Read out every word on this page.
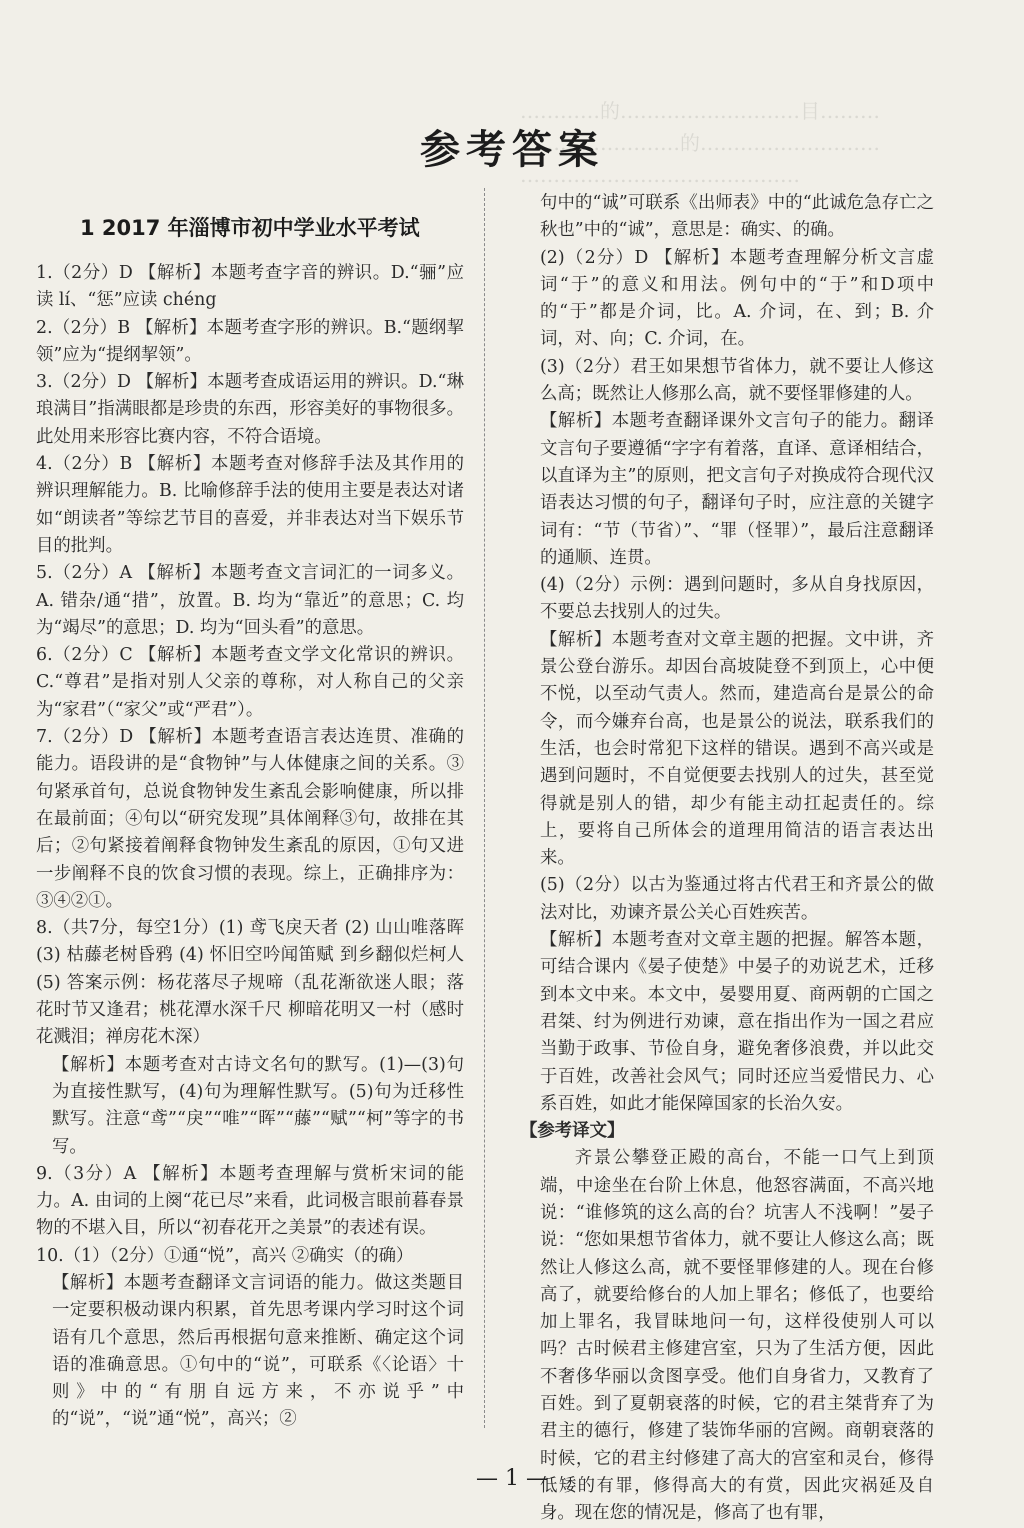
…………的………………………目………
……………………的………………………
……………………………………
参考答案
1 2017 年淄博市初中学业水平考试
1.（2分）D 【解析】本题考查字音的辨识。D.“骊”应读 lí、“惩”应读 chéng
2.（2分）B 【解析】本题考查字形的辨识。B.“题纲挈领”应为“提纲挈领”。
3.（2分）D 【解析】本题考查成语运用的辨识。D.“琳琅满目”指满眼都是珍贵的东西，形容美好的事物很多。此处用来形容比赛内容，不符合语境。
4.（2分）B 【解析】本题考查对修辞手法及其作用的辨识理解能力。B. 比喻修辞手法的使用主要是表达对诸如“朗读者”等综艺节目的喜爱，并非表达对当下娱乐节目的批判。
5.（2分）A 【解析】本题考查文言词汇的一词多义。A. 错杂/通“措”，放置。B. 均为“靠近”的意思；C. 均为“竭尽”的意思；D. 均为“回头看”的意思。
6.（2分）C 【解析】本题考查文学文化常识的辨识。C.“尊君”是指对别人父亲的尊称，对人称自己的父亲为“家君”（“家父”或“严君”）。
7.（2分）D 【解析】本题考查语言表达连贯、准确的能力。语段讲的是“食物钟”与人体健康之间的关系。③句紧承首句，总说食物钟发生紊乱会影响健康，所以排在最前面；④句以“研究发现”具体阐释③句，故排在其后；②句紧接着阐释食物钟发生紊乱的原因，①句又进一步阐释不良的饮食习惯的表现。综上，正确排序为：③④②①。
8.（共7分，每空1分）(1) 鸢飞戾天者 (2) 山山唯落晖 (3) 枯藤老树昏鸦 (4) 怀旧空吟闻笛赋 到乡翻似烂柯人 (5) 答案示例：杨花落尽子规啼（乱花渐欲迷人眼；落花时节又逢君；桃花潭水深千尺 柳暗花明又一村（感时花溅泪；禅房花木深）
【解析】本题考查对古诗文名句的默写。(1)—(3)句为直接性默写，(4)句为理解性默写。(5)句为迁移性默写。注意“鸢”“戾”“唯”“晖”“藤”“赋”“柯”等字的书写。
9.（3分）A 【解析】本题考查理解与赏析宋词的能力。A. 由词的上阕“花已尽”来看，此词极言眼前暮春景物的不堪入目，所以“初春花开之美景”的表述有误。
10.（1）（2分）①通“悦”，高兴 ②确实（的确）
【解析】本题考查翻译文言词语的能力。做这类题目一定要积极动课内积累，首先思考课内学习时这个词语有几个意思，然后再根据句意来推断、确定这个词语的准确意思。①句中的“说”，可联系《〈论语〉十则》中的“有朋自远方来，不亦说乎”中的“说”，“说”通“悦”，高兴；②
句中的“诚”可联系《出师表》中的“此诚危急存亡之秋也”中的“诚”，意思是：确实、的确。
(2)（2分）D 【解析】本题考查理解分析文言虚词“于”的意义和用法。例句中的“于”和D项中的“于”都是介词，比。A. 介词，在、到；B. 介词，对、向；C. 介词，在。
(3)（2分）君王如果想节省体力，就不要让人修这么高；既然让人修那么高，就不要怪罪修建的人。
【解析】本题考查翻译课外文言句子的能力。翻译文言句子要遵循“字字有着落，直译、意译相结合，以直译为主”的原则，把文言句子对换成符合现代汉语表达习惯的句子，翻译句子时，应注意的关键字词有：“节（节省）”、“罪（怪罪）”，最后注意翻译的通顺、连贯。
(4)（2分）示例：遇到问题时，多从自身找原因，不要总去找别人的过失。
【解析】本题考查对文章主题的把握。文中讲，齐景公登台游乐。却因台高坡陡登不到顶上，心中便不悦，以至动气责人。然而，建造高台是景公的命令，而今嫌弃台高，也是景公的说法，联系我们的生活，也会时常犯下这样的错误。遇到不高兴或是遇到问题时，不自觉便要去找别人的过失，甚至觉得就是别人的错，却少有能主动扛起责任的。综上，要将自己所体会的道理用简洁的语言表达出来。
(5)（2分）以古为鉴通过将古代君王和齐景公的做法对比，劝谏齐景公关心百姓疾苦。
【解析】本题考查对文章主题的把握。解答本题，可结合课内《晏子使楚》中晏子的劝说艺术，迁移到本文中来。本文中，晏婴用夏、商两朝的亡国之君桀、纣为例进行劝谏，意在指出作为一国之君应当勤于政事、节俭自身，避免奢侈浪费，并以此交于百姓，改善社会风气；同时还应当爱惜民力、心系百姓，如此才能保障国家的长治久安。
【参考译文】

齐景公攀登正殿的高台，不能一口气上到顶端，中途坐在台阶上休息，他怒容满面，不高兴地说：“谁修筑的这么高的台？坑害人不浅啊！”晏子说：“您如果想节省体力，就不要让人修这么高；既然让人修这么高，就不要怪罪修建的人。现在台修高了，就要给修台的人加上罪名；修低了，也要给加上罪名，我冒昧地问一句，这样役使别人可以吗？古时候君主修建宫室，只为了生活方便，因此不奢侈华丽以贪图享受。他们自身省力，又教育了百姓。到了夏朝衰落的时候，它的君主桀背弃了为君主的德行，修建了装饰华丽的宫阙。商朝衰落的时候，它的君主纣修建了高大的宫室和灵台，修得低矮的有罪，修得高大的有赏，因此灾祸延及自身。现在您的情况是，修高了也有罪，

— 1 —
